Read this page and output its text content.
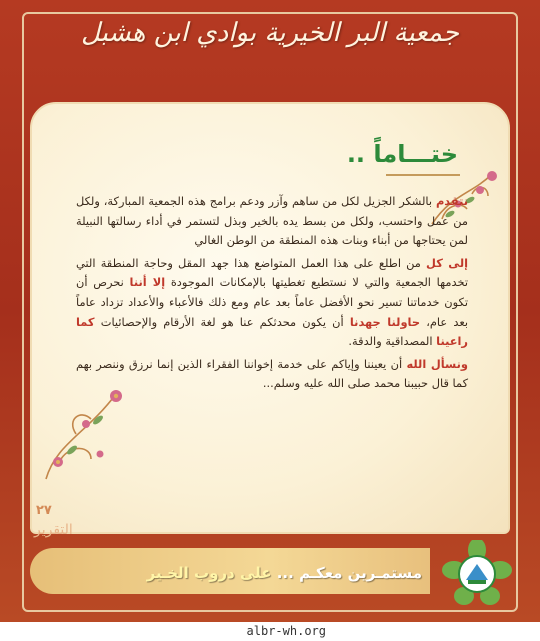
جمعية البر الخيرية بوادي ابن هشبل
ختـــاماً ..

نتقدم بالشكر الجزيل لكل من ساهم وآزر ودعم برامج هذه الجمعية المباركة، ولكل من عمل واحتسب، ولكل من بسط يده بالخير وبذل لتستمر في أداء رسالتها النبيلة لمن يحتاجها من أبناء وبنات هذه المنطقة من الوطن الغالي

إلى كل من اطلع على هذا العمل المتواضع هذا جهد المقل وحاجة المنطقة التي تخدمها الجمعية والتي لا نستطيع تغطيتها بالإمكانات الموجودة إلا أننا نحرص أن تكون خدماتنا تسير نحو الأفضل عاماً بعد عام ومع ذلك فالأعباء والأعداد تزداد عاماً بعد عام، حاولنا جهدنا أن يكون محدثكم عنا هو لغة الأرقام والإحصائيات كما راعينا المصداقية والدقة.

ونسأل الله أن يعيننا وإياكم على خدمة إخواننا الفقراء الذين إنما نرزق وننصر بهم كما قال حبيبنا محمد صلى الله عليه وسلم...

٢٧
التقرير
مستمـرين معكـم ... على دروب الخـير
albr-wh.org
